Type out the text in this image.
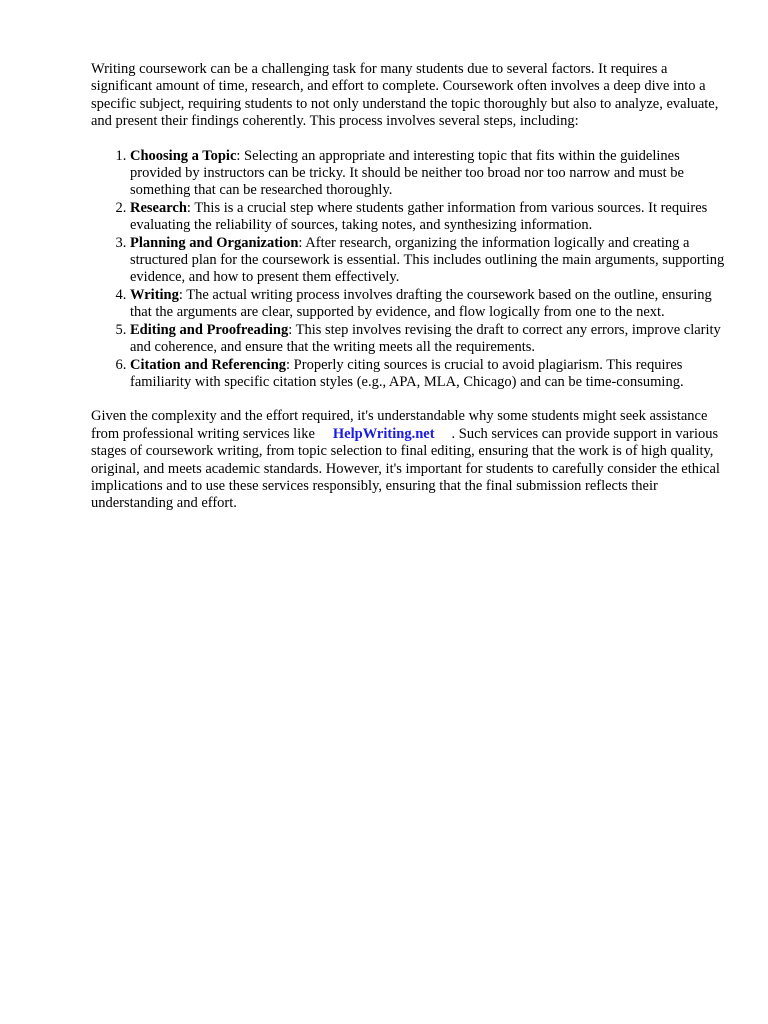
Writing coursework can be a challenging task for many students due to several factors. It requires a significant amount of time, research, and effort to complete. Coursework often involves a deep dive into a specific subject, requiring students to not only understand the topic thoroughly but also to analyze, evaluate, and present their findings coherently. This process involves several steps, including:

1. Choosing a Topic: Selecting an appropriate and interesting topic that fits within the guidelines provided by instructors can be tricky. It should be neither too broad nor too narrow and must be something that can be researched thoroughly.
2. Research: This is a crucial step where students gather information from various sources. It requires evaluating the reliability of sources, taking notes, and synthesizing information.
3. Planning and Organization: After research, organizing the information logically and creating a structured plan for the coursework is essential. This includes outlining the main arguments, supporting evidence, and how to present them effectively.
4. Writing: The actual writing process involves drafting the coursework based on the outline, ensuring that the arguments are clear, supported by evidence, and flow logically from one to the next.
5. Editing and Proofreading: This step involves revising the draft to correct any errors, improve clarity and coherence, and ensure that the writing meets all the requirements.
6. Citation and Referencing: Properly citing sources is crucial to avoid plagiarism. This requires familiarity with specific citation styles (e.g., APA, MLA, Chicago) and can be time-consuming.

Given the complexity and the effort required, it's understandable why some students might seek assistance from professional writing services like HelpWriting.net . Such services can provide support in various stages of coursework writing, from topic selection to final editing, ensuring that the work is of high quality, original, and meets academic standards. However, it's important for students to carefully consider the ethical implications and to use these services responsibly, ensuring that the final submission reflects their understanding and effort.
